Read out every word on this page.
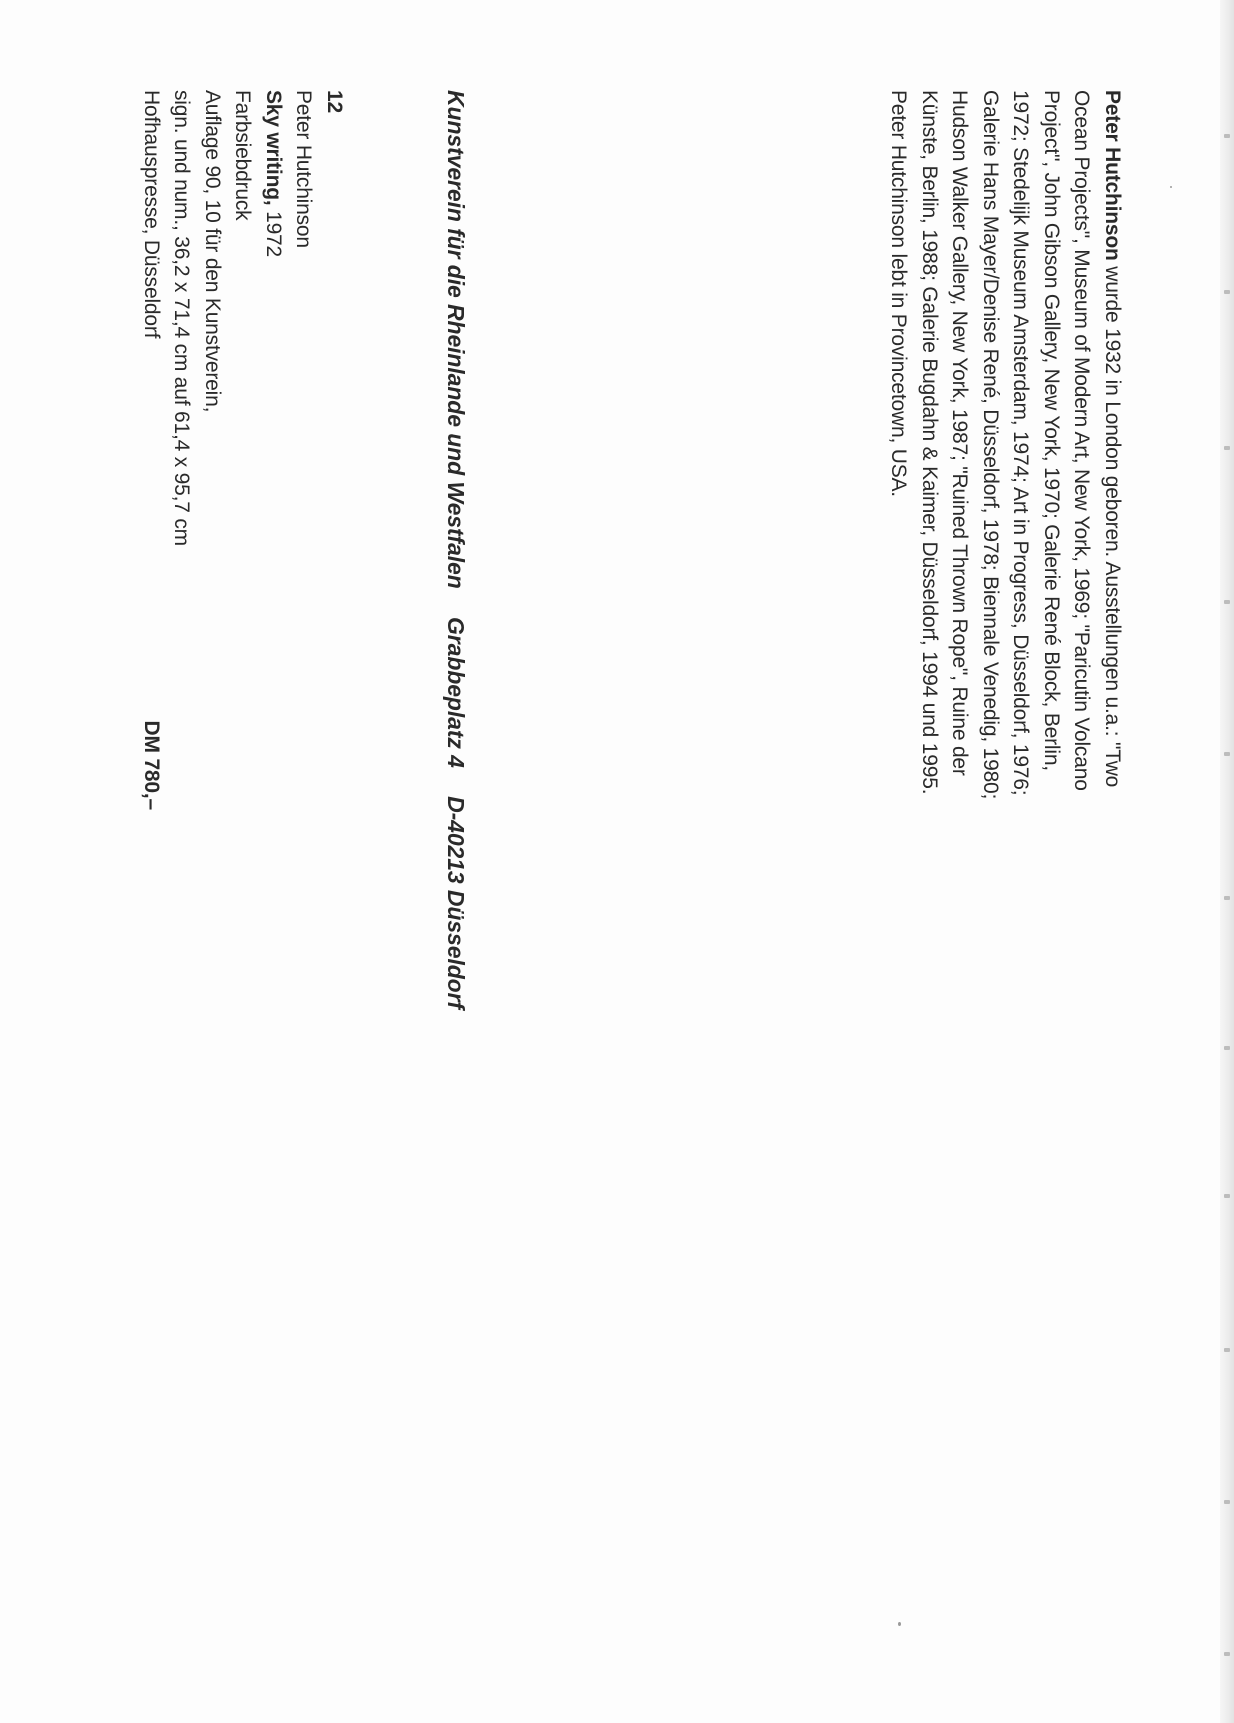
Peter Hutchinson wurde 1932 in London geboren. Ausstellungen u.a.: "Two Ocean Projects", Museum of Modern Art, New York, 1969; "Paricutin Volcano Project", John Gibson Gallery, New York, 1970; Galerie René Block, Berlin, 1972; Stedelijk Museum Amsterdam, 1974; Art in Progress, Düsseldorf, 1976; Galerie Hans Mayer/Denise René, Düsseldorf, 1978; Biennale Venedig, 1980; Hudson Walker Gallery, New York, 1987; "Ruined Thrown Rope", Ruine der Künste, Berlin, 1988; Galerie Bugdahn & Kaimer, Düsseldorf, 1994 und 1995.

Peter Hutchinson lebt in Provincetown, USA.

Kunstverein für die Rheinlande und Westfalen Grabbeplatz 4 D-40213 Düsseldorf
12
Peter Hutchinson
Sky writing, 1972
Farbsiebdruck
Auflage 90, 10 für den Kunstverein,
sign. und num., 36,2 x 71,4 cm auf 61,4 x 95,7 cm
Hofhauspresse, Düsseldorf
DM 780,–
